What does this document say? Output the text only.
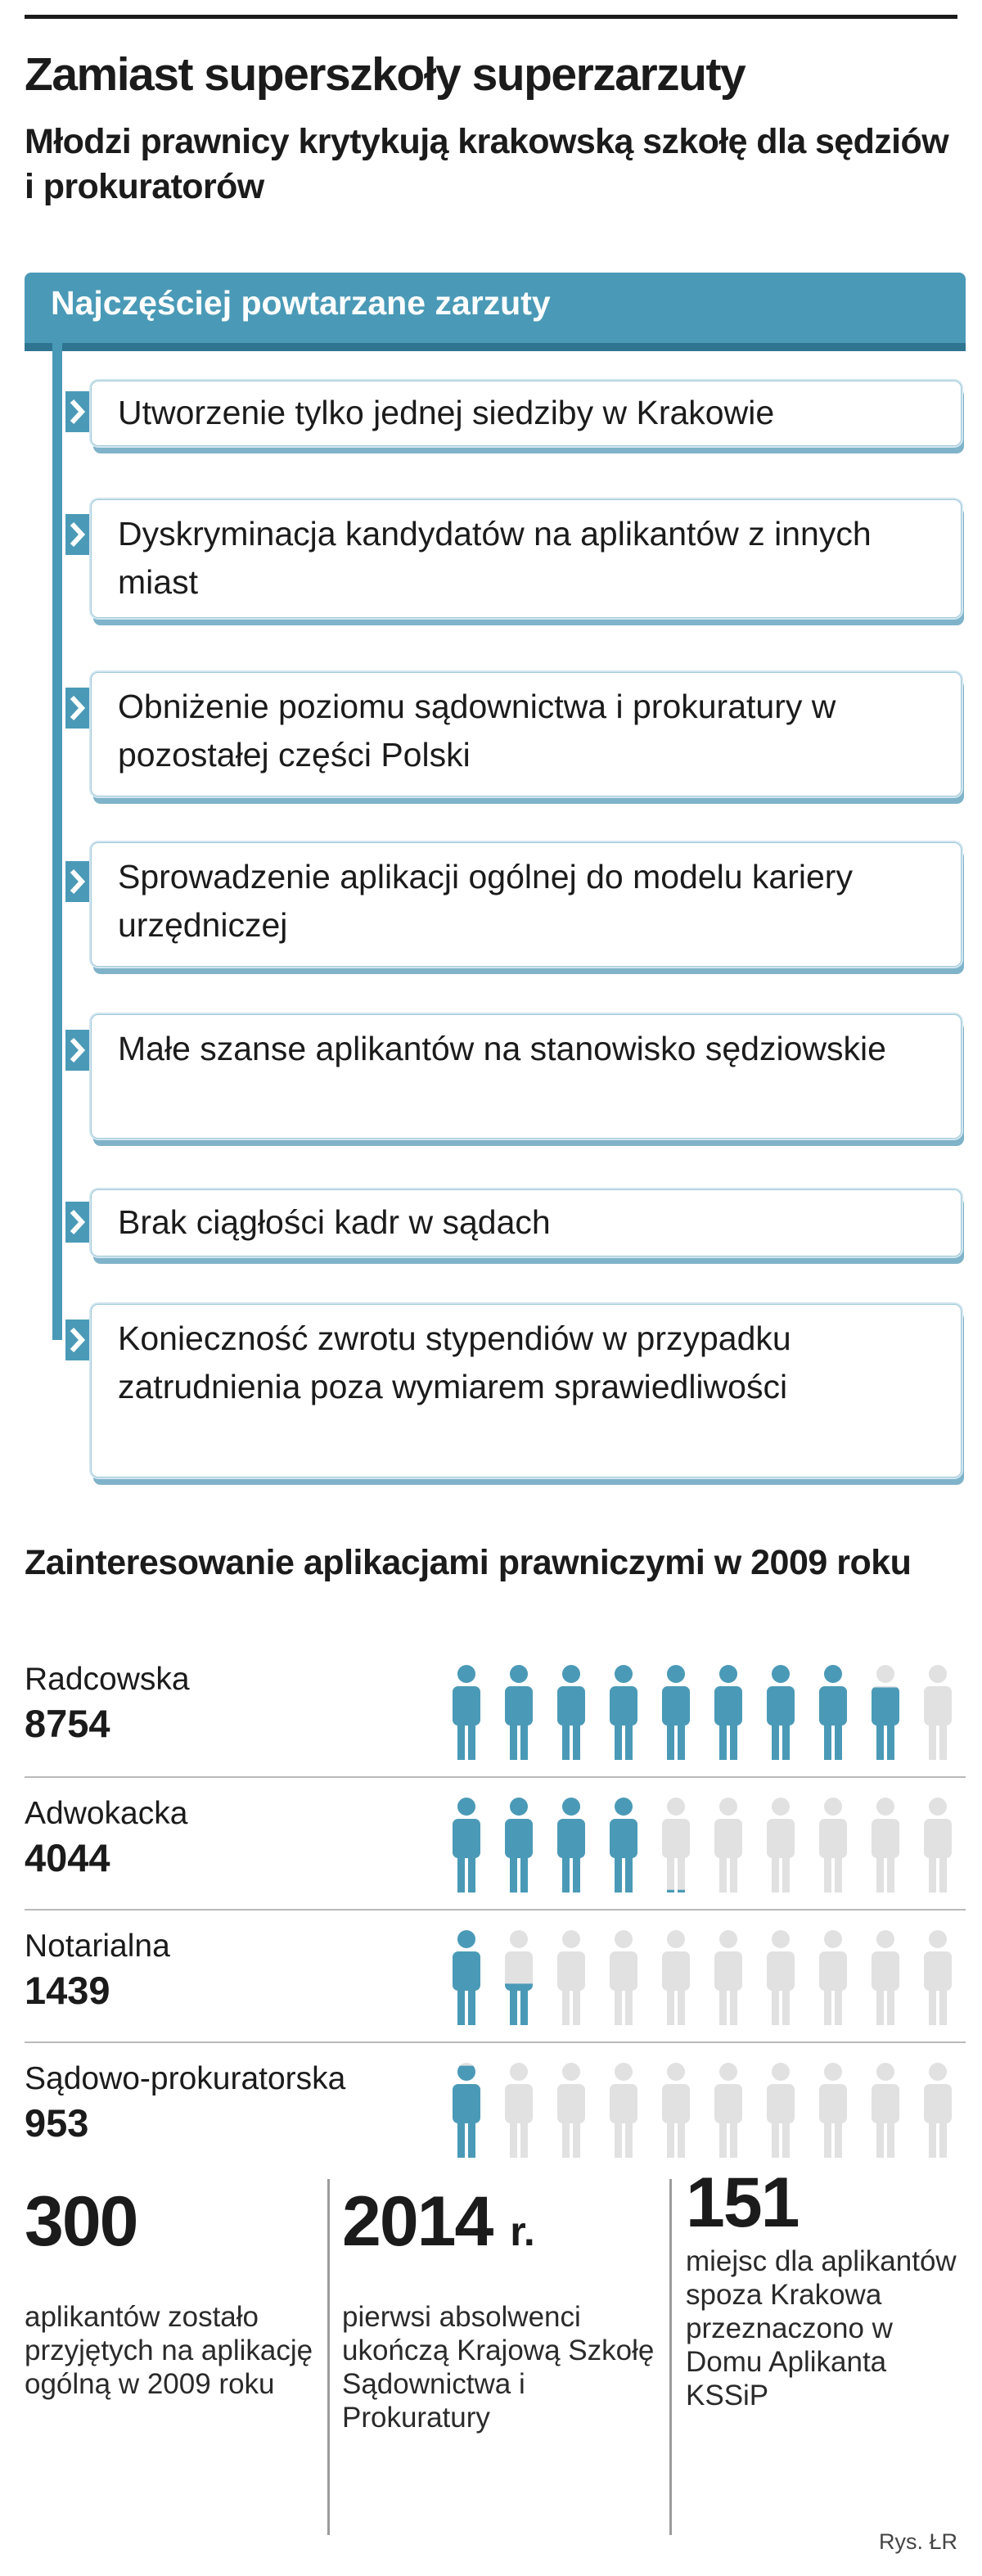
Zamiast superszkoły superzarzuty
Młodzi prawnicy krytykują krakowską szkołę dla sędziów i prokuratorów
Najczęściej powtarzane zarzuty
Utworzenie tylko jednej siedziby w Krakowie
Dyskryminacja kandydatów na aplikantów z innych miast
Obniżenie poziomu sądownictwa i prokuratury w pozostałej części Polski
Sprowadzenie aplikacji ogólnej do modelu kariery urzędniczej
Małe szanse aplikantów na stanowisko sędziowskie
Brak ciągłości kadr w sądach
Konieczność zwrotu stypendiów w przypadku zatrudnienia poza wymiarem sprawiedliwości
Zainteresowanie aplikacjami prawniczymi w 2009 roku
Radcowska
8754
Adwokacka
4044
Notarialna
1439
Sądowo-prokuratorska
953
300
aplikantów zostało przyjętych na aplikację ogólną w 2009 roku
2014 r.
pierwsi absolwenci ukończą Krajową Szkołę Sądownictwa i Prokuratury
151
miejsc dla aplikantów spoza Krakowa przeznaczono w Domu Aplikanta KSSiP
Rys. ŁR
